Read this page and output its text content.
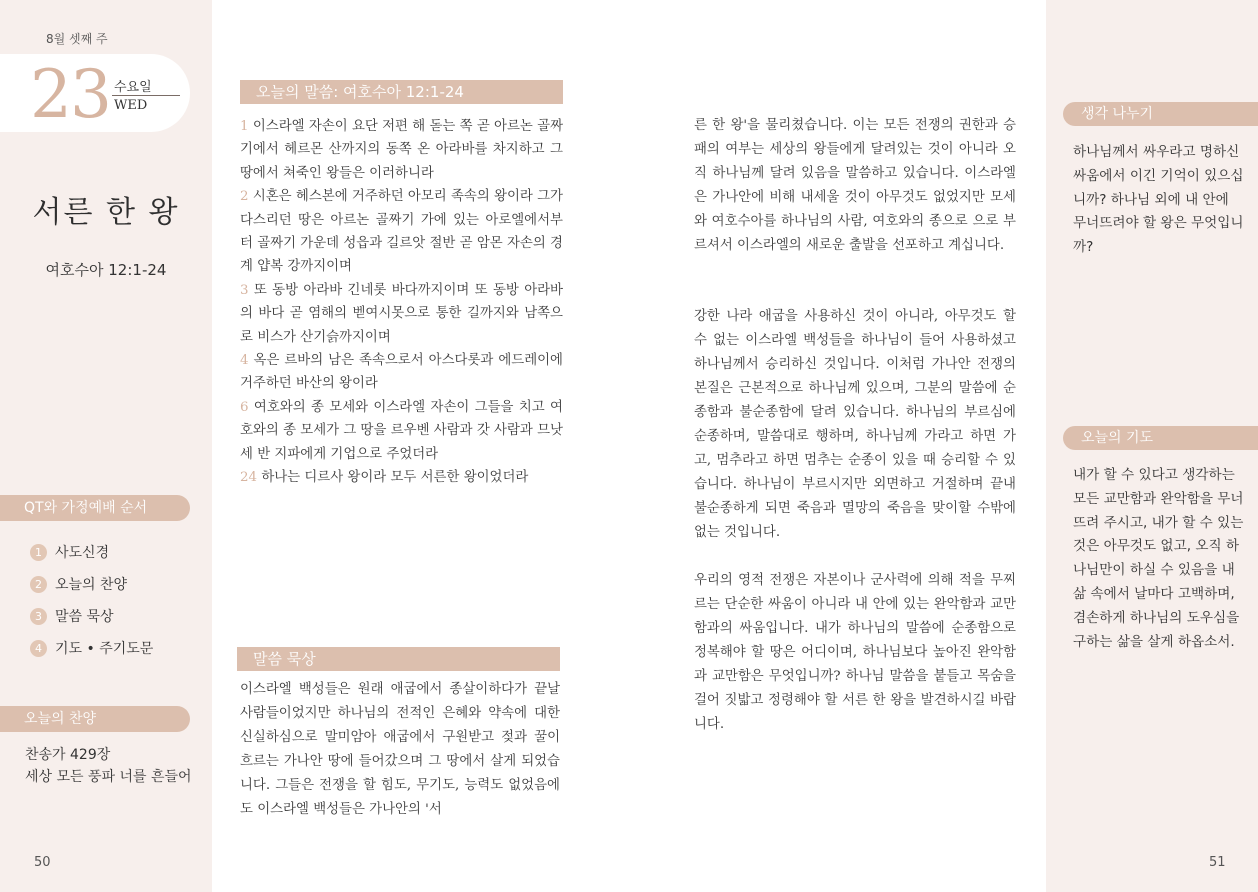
8월 셋째 주
23 수요일
WED
서른 한 왕
여호수아 12:1-24
QT와 가정예배 순서
1 사도신경
2 오늘의 찬양
3 말씀 묵상
4 기도 • 주기도문
오늘의 찬양
찬송가 429장
세상 모든 풍파 너를 흔들어
50
오늘의 말씀: 여호수아 12:1-24
1 이스라엘 자손이 요단 저편 해 돋는 쪽 곧 아르논 골짜기에서 헤르몬 산까지의 동쪽 온 아라바를 차지하고 그 땅에서 쳐죽인 왕들은 이러하니라
2 시혼은 헤스본에 거주하던 아모리 족속의 왕이라 그가 다스리던 땅은 아르논 골짜기 가에 있는 아로엘에서부터 골짜기 가운데 성읍과 길르앗 절반 곧 암몬 자손의 경계 얍복 강까지이며
3 또 동방 아라바 긴네롯 바다까지이며 또 동방 아라바의 바다 곧 염해의 벧여시못으로 통한 길까지와 남쪽으로 비스가 산기슭까지이며
4 옥은 르바의 남은 족속으로서 아스다롯과 에드레이에 거주하던 바산의 왕이라
6 여호와의 종 모세와 이스라엘 자손이 그들을 치고 여호와의 종 모세가 그 땅을 르우벤 사람과 갓 사람과 므낫세 반 지파에게 기업으로 주었더라
24 하나는 디르사 왕이라 모두 서른한 왕이었더라
말씀 묵상
이스라엘 백성들은 원래 애굽에서 종살이하다가 끝날 사람들이었지만 하나님의 전적인 은혜와 약속에 대한 신실하심으로 말미암아 애굽에서 구원받고 젖과 꿀이 흐르는 가나안 땅에 들어갔으며 그 땅에서 살게 되었습니다. 그들은 전쟁을 할 힘도, 무기도, 능력도 없었음에도 이스라엘 백성들은 가나안의 '서
른 한 왕'을 물리쳤습니다. 이는 모든 전쟁의 권한과 승패의 여부는 세상의 왕들에게 달려있는 것이 아니라 오직 하나님께 달려 있음을 말씀하고 있습니다. 이스라엘은 가나안에 비해 내세울 것이 아무것도 없었지만 모세와 여호수아를 하나님의 사람, 여호와의 종으로 으로 부르셔서 이스라엘의 새로운 출발을 선포하고 계십니다.
강한 나라 애굽을 사용하신 것이 아니라, 아무것도 할 수 없는 이스라엘 백성들을 하나님이 들어 사용하셨고 하나님께서 승리하신 것입니다. 이처럼 가나안 전쟁의 본질은 근본적으로 하나님께 있으며, 그분의 말씀에 순종함과 불순종함에 달려 있습니다. 하나님의 부르심에 순종하며, 말씀대로 행하며, 하나님께 가라고 하면 가고, 멈추라고 하면 멈추는 순종이 있을 때 승리할 수 있습니다. 하나님이 부르시지만 외면하고 거절하며 끝내 불순종하게 되면 죽음과 멸망의 죽음을 맞이할 수밖에 없는 것입니다.
우리의 영적 전쟁은 자본이나 군사력에 의해 적을 무찌르는 단순한 싸움이 아니라 내 안에 있는 완악함과 교만함과의 싸움입니다. 내가 하나님의 말씀에 순종함으로 정복해야 할 땅은 어디이며, 하나님보다 높아진 완악함과 교만함은 무엇입니까? 하나님 말씀을 붙들고 목숨을 걸어 짓밟고 정령해야 할 서른 한 왕을 발견하시길 바랍니다.
생각 나누기
하나님께서 싸우라고 명하신 싸움에서 이긴 기억이 있으십니까? 하나님 외에 내 안에 무너뜨려야 할 왕은 무엇입니까?
오늘의 기도
내가 할 수 있다고 생각하는 모든 교만함과 완악함을 무너뜨려 주시고, 내가 할 수 있는 것은 아무것도 없고, 오직 하나님만이 하실 수 있음을 내 삶 속에서 날마다 고백하며, 겸손하게 하나님의 도우심을 구하는 삶을 살게 하옵소서.
51
